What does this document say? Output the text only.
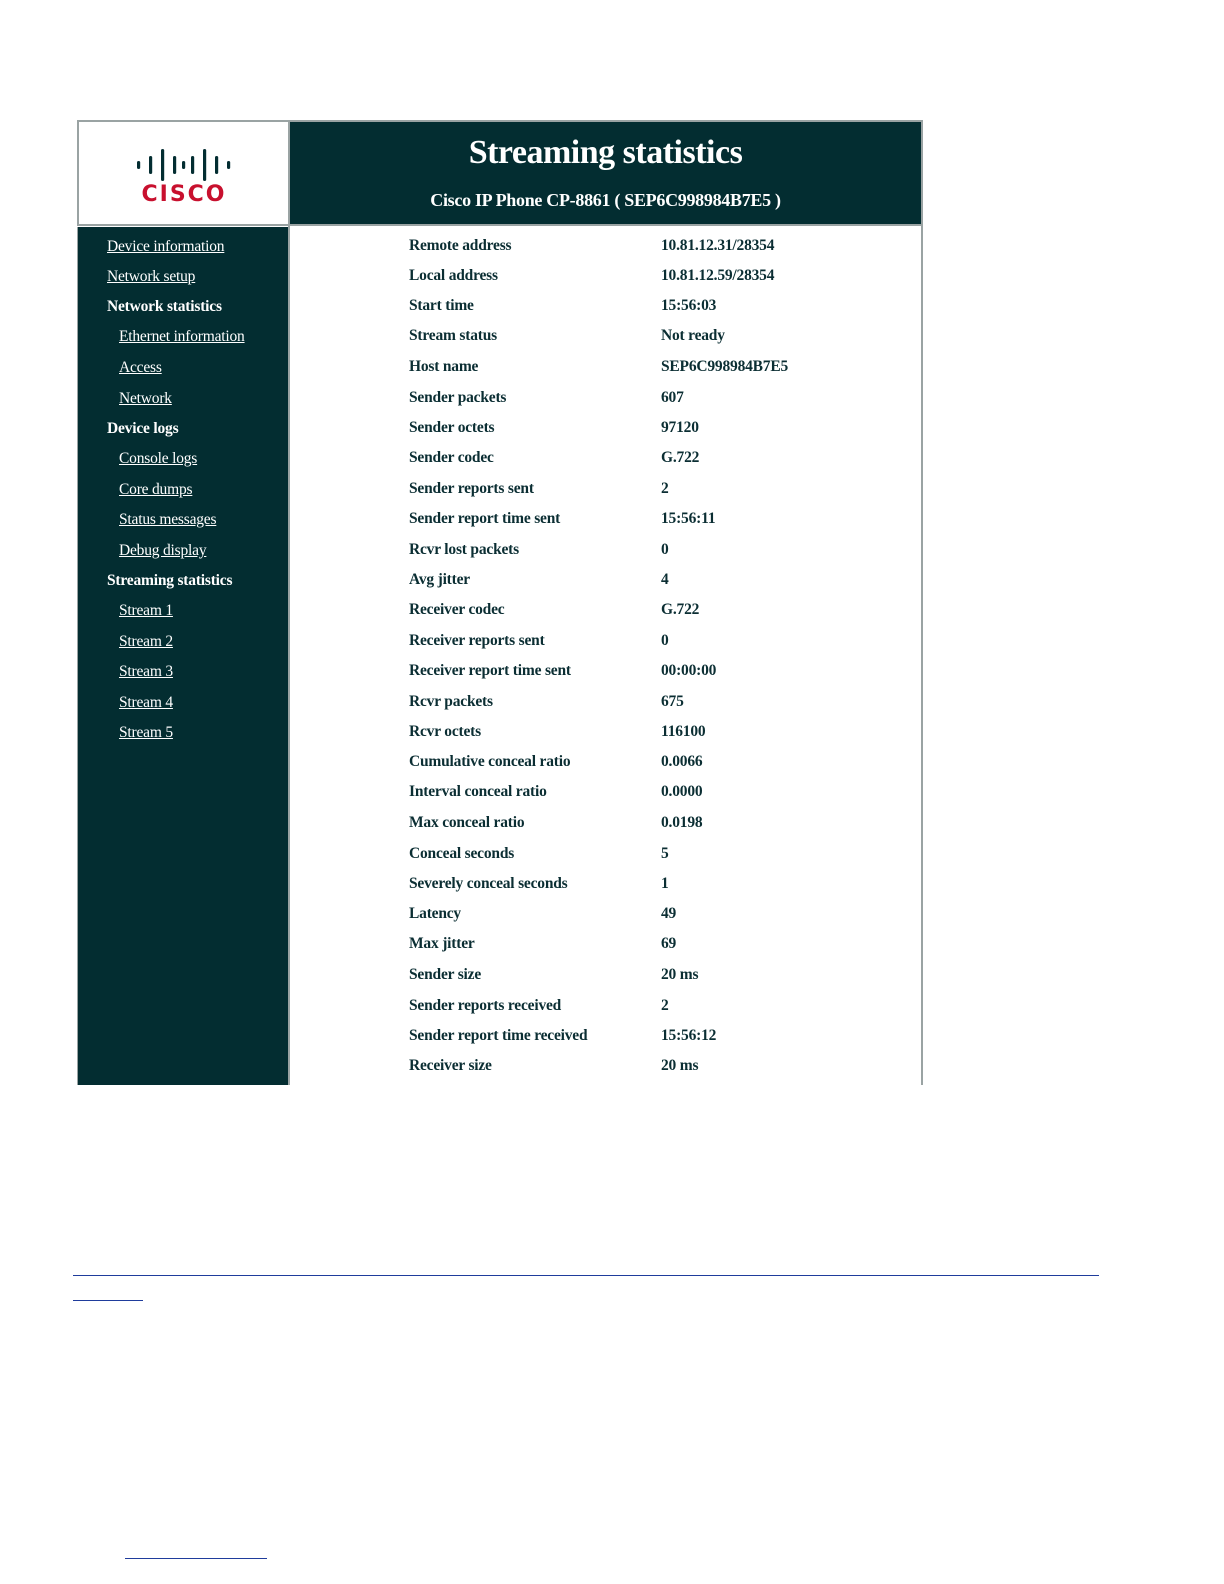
CISCO
Streaming statistics
Cisco IP Phone CP-8861 ( SEP6C998984B7E5 )
Device information
Network setup
Network statistics
Ethernet information
Access
Network
Device logs
Console logs
Core dumps
Status messages
Debug display
Streaming statistics
Stream 1
Stream 2
Stream 3
Stream 4
Stream 5
Remote address	10.81.12.31/28354
Local address	10.81.12.59/28354
Start time	15:56:03
Stream status	Not ready
Host name	SEP6C998984B7E5
Sender packets	607
Sender octets	97120
Sender codec	G.722
Sender reports sent	2
Sender report time sent	15:56:11
Rcvr lost packets	0
Avg jitter	4
Receiver codec	G.722
Receiver reports sent	0
Receiver report time sent	00:00:00
Rcvr packets	675
Rcvr octets	116100
Cumulative conceal ratio	0.0066
Interval conceal ratio	0.0000
Max conceal ratio	0.0198
Conceal seconds	5
Severely conceal seconds	1
Latency	49
Max jitter	69
Sender size	20 ms
Sender reports received	2
Sender report time received	15:56:12
Receiver size	20 ms
